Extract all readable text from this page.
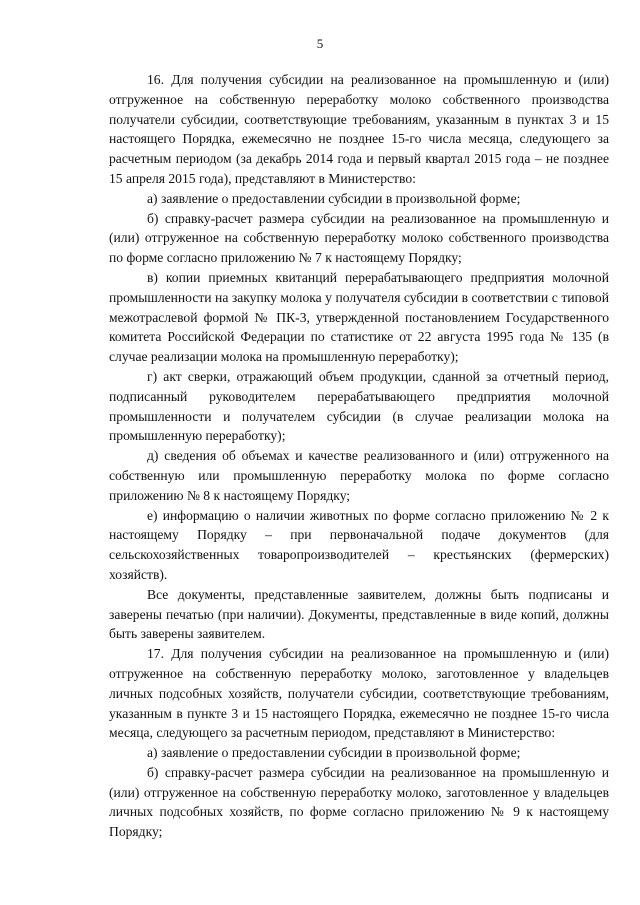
5

16. Для получения субсидии на реализованное на промышленную и (или) отгруженное на собственную переработку молоко собственного производства получатели субсидии, соответствующие требованиям, указанным в пунктах 3 и 15 настоящего Порядка, ежемесячно не позднее 15-го числа месяца, следующего за расчетным периодом (за декабрь 2014 года и первый квартал 2015 года – не позднее 15 апреля 2015 года), представляют в Министерство:

а) заявление о предоставлении субсидии в произвольной форме;

б) справку-расчет размера субсидии на реализованное на промышленную и (или) отгруженное на собственную переработку молоко собственного производства по форме согласно приложению № 7 к настоящему Порядку;

в) копии приемных квитанций перерабатывающего предприятия молочной промышленности на закупку молока у получателя субсидии в соответствии с типовой межотраслевой формой № ПК-3, утвержденной постановлением Государственного комитета Российской Федерации по статистике от 22 августа 1995 года № 135 (в случае реализации молока на промышленную переработку);

г) акт сверки, отражающий объем продукции, сданной за отчетный период, подписанный руководителем перерабатывающего предприятия молочной промышленности и получателем субсидии (в случае реализации молока на промышленную переработку);

д) сведения об объемах и качестве реализованного и (или) отгруженного на собственную или промышленную переработку молока по форме согласно приложению № 8 к настоящему Порядку;

е) информацию о наличии животных по форме согласно приложению № 2 к настоящему Порядку – при первоначальной подаче документов (для сельскохозяйственных товаропроизводителей – крестьянских (фермерских) хозяйств).

Все документы, представленные заявителем, должны быть подписаны и заверены печатью (при наличии). Документы, представленные в виде копий, должны быть заверены заявителем.

17. Для получения субсидии на реализованное на промышленную и (или) отгруженное на собственную переработку молоко, заготовленное у владельцев личных подсобных хозяйств, получатели субсидии, соответствующие требованиям, указанным в пункте 3 и 15 настоящего Порядка, ежемесячно не позднее 15-го числа месяца, следующего за расчетным периодом, представляют в Министерство:

а) заявление о предоставлении субсидии в произвольной форме;

б) справку-расчет размера субсидии на реализованное на промышленную и (или) отгруженное на собственную переработку молоко, заготовленное у владельцев личных подсобных хозяйств, по форме согласно приложению № 9 к настоящему Порядку;
